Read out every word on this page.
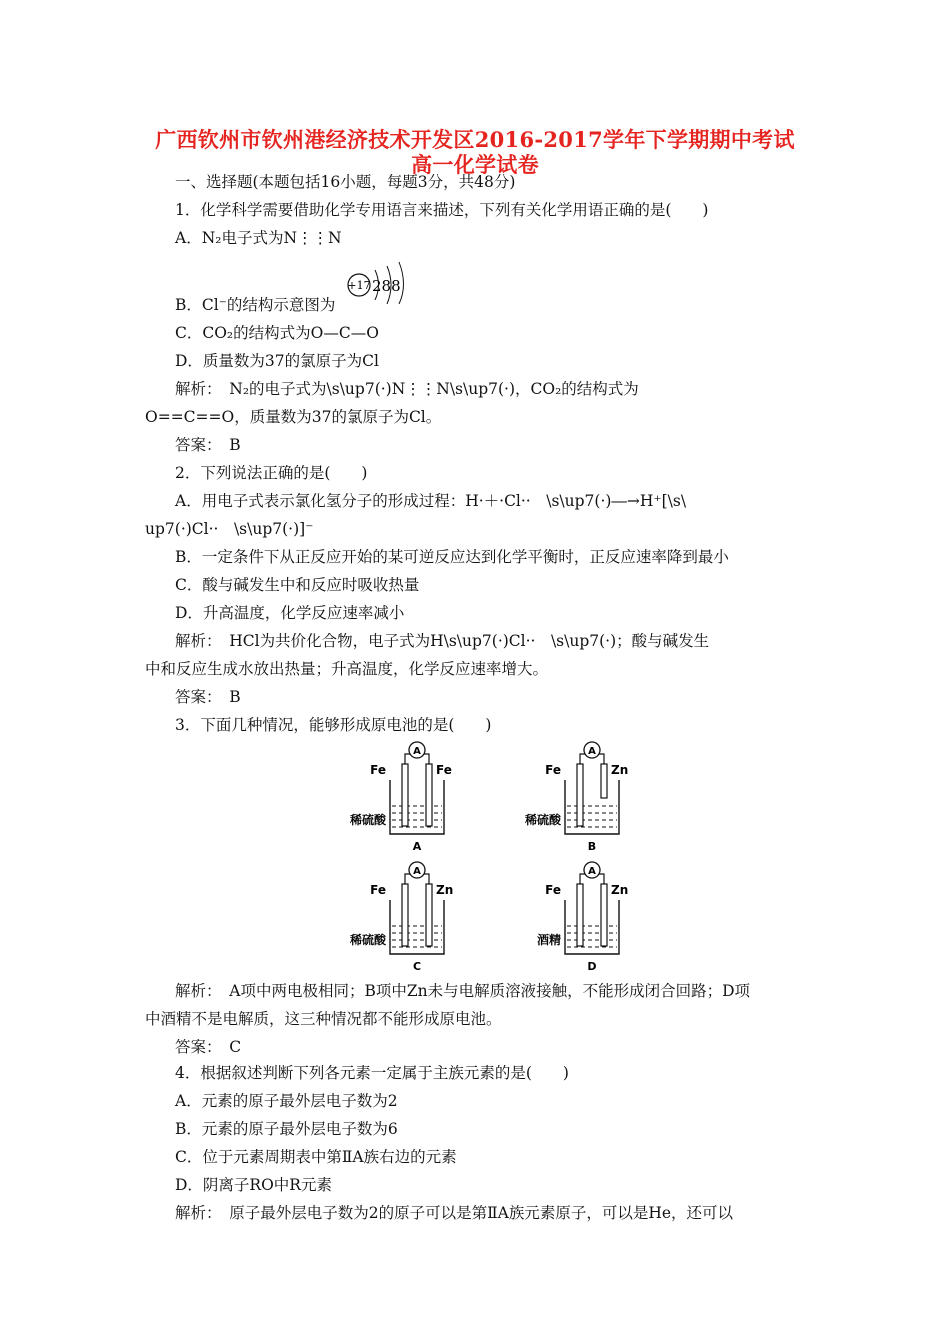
广西钦州市钦州港经济技术开发区2016-2017学年下学期期中考试
高一化学试卷
一、选择题(本题包括16小题，每题3分，共48分)
1．化学科学需要借助化学专用语言来描述，下列有关化学用语正确的是(　　)
A．N₂电子式为N⋮⋮N
+17 288
B．Cl⁻的结构示意图为
C．CO₂的结构式为O—C—O
D．质量数为37的氯原子为Cl
解析：　N₂的电子式为\s\up7(·)N⋮⋮N\s\up7(·)，CO₂的结构式为
O==C==O，质量数为37的氯原子为Cl。
答案：　B
2．下列说法正确的是(　　)
A．用电子式表示氯化氢分子的形成过程：H·＋·Cl··　\s\up7(·)―→H⁺[\s\
up7(·)Cl··　\s\up7(·)]⁻
B．一定条件下从正反应开始的某可逆反应达到化学平衡时，正反应速率降到最小
C．酸与碱发生中和反应时吸收热量
D．升高温度，化学反应速率减小
解析：　HCl为共价化合物，电子式为H\s\up7(·)Cl··　\s\up7(·)；酸与碱发生
中和反应生成水放出热量；升高温度，化学反应速率增大。
答案：　B
3．下面几种情况，能够形成原电池的是(　　)
A
Fe	Fe
稀硫酸
A
A
Fe	Zn
稀硫酸
B
A
Fe	Zn
稀硫酸
C
A
Fe	Zn
酒精
D
解析：　A项中两电极相同；B项中Zn未与电解质溶液接触，不能形成闭合回路；D项
中酒精不是电解质，这三种情况都不能形成原电池。
答案：　C
4．根据叙述判断下列各元素一定属于主族元素的是(　　)
A．元素的原子最外层电子数为2
B．元素的原子最外层电子数为6
C．位于元素周期表中第ⅡA族右边的元素
D．阴离子RO中R元素
解析：　原子最外层电子数为2的原子可以是第ⅡA族元素原子，可以是He，还可以
